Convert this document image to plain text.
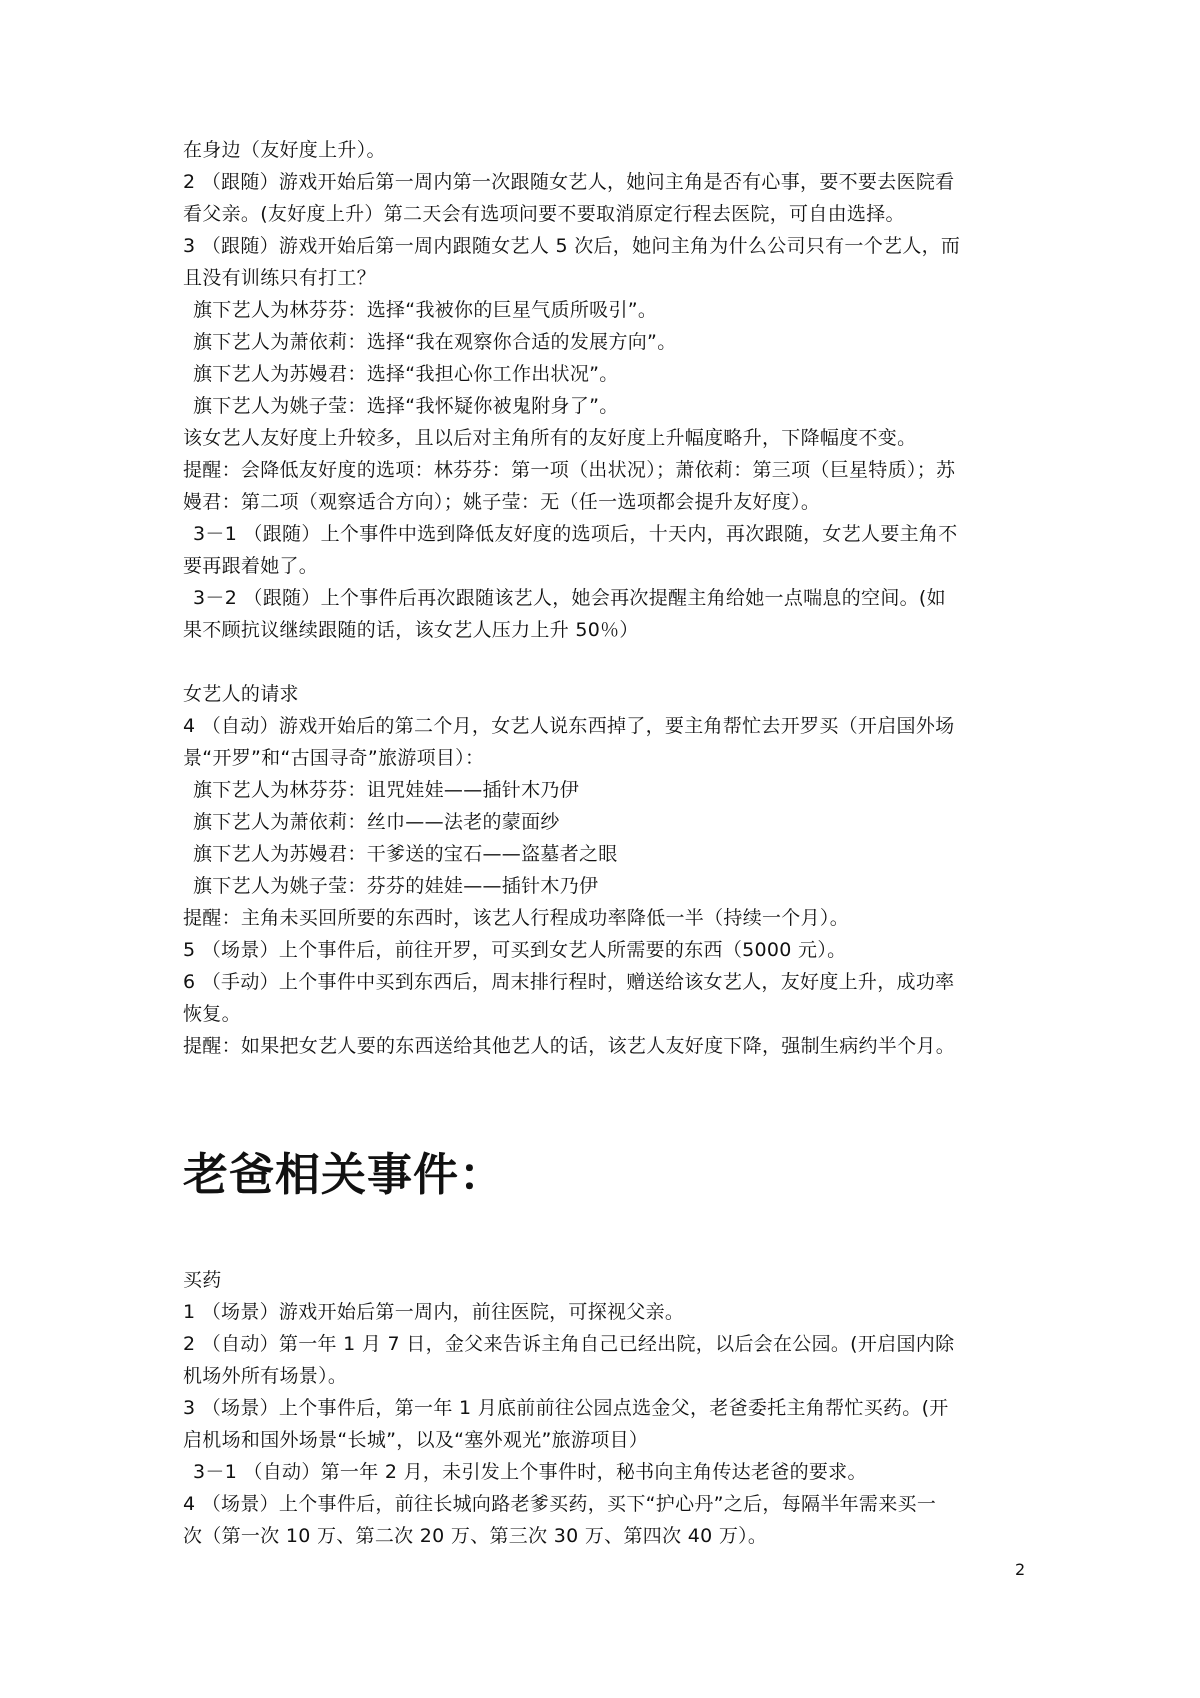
在身边（友好度上升）。
2 （跟随）游戏开始后第一周内第一次跟随女艺人，她问主角是否有心事，要不要去医院看
看父亲。(友好度上升）第二天会有选项问要不要取消原定行程去医院，可自由选择。
3 （跟随）游戏开始后第一周内跟随女艺人 5 次后，她问主角为什么公司只有一个艺人，而
且没有训练只有打工？
旗下艺人为林芬芬：选择“我被你的巨星气质所吸引”。
旗下艺人为萧依莉：选择“我在观察你合适的发展方向”。
旗下艺人为苏嫚君：选择“我担心你工作出状况”。
旗下艺人为姚子莹：选择“我怀疑你被鬼附身了”。
该女艺人友好度上升较多，且以后对主角所有的友好度上升幅度略升，下降幅度不变。
提醒：会降低友好度的选项：林芬芬：第一项（出状况）；萧依莉：第三项（巨星特质）；苏
嫚君：第二项（观察适合方向）；姚子莹：无（任一选项都会提升友好度）。
3－1 （跟随）上个事件中选到降低友好度的选项后，十天内，再次跟随，女艺人要主角不
要再跟着她了。
3－2 （跟随）上个事件后再次跟随该艺人，她会再次提醒主角给她一点喘息的空间。(如
果不顾抗议继续跟随的话，该女艺人压力上升 50％）
女艺人的请求
4 （自动）游戏开始后的第二个月，女艺人说东西掉了，要主角帮忙去开罗买（开启国外场
景“开罗”和“古国寻奇”旅游项目）：
旗下艺人为林芬芬：诅咒娃娃——插针木乃伊
旗下艺人为萧依莉：丝巾——法老的蒙面纱
旗下艺人为苏嫚君：干爹送的宝石——盗墓者之眼
旗下艺人为姚子莹：芬芬的娃娃——插针木乃伊
提醒：主角未买回所要的东西时，该艺人行程成功率降低一半（持续一个月）。
5 （场景）上个事件后，前往开罗，可买到女艺人所需要的东西（5000 元）。
6 （手动）上个事件中买到东西后，周末排行程时，赠送给该女艺人，友好度上升，成功率
恢复。
提醒：如果把女艺人要的东西送给其他艺人的话，该艺人友好度下降，强制生病约半个月。
老爸相关事件：
买药
1 （场景）游戏开始后第一周内，前往医院，可探视父亲。
2 （自动）第一年 1 月 7 日，金父来告诉主角自己已经出院，以后会在公园。(开启国内除
机场外所有场景）。
3 （场景）上个事件后，第一年 1 月底前前往公园点选金父，老爸委托主角帮忙买药。(开
启机场和国外场景“长城”，以及“塞外观光”旅游项目）
3－1 （自动）第一年 2 月，未引发上个事件时，秘书向主角传达老爸的要求。
4 （场景）上个事件后，前往长城向路老爹买药，买下“护心丹”之后，每隔半年需来买一
次（第一次 10 万、第二次 20 万、第三次 30 万、第四次 40 万）。
2
